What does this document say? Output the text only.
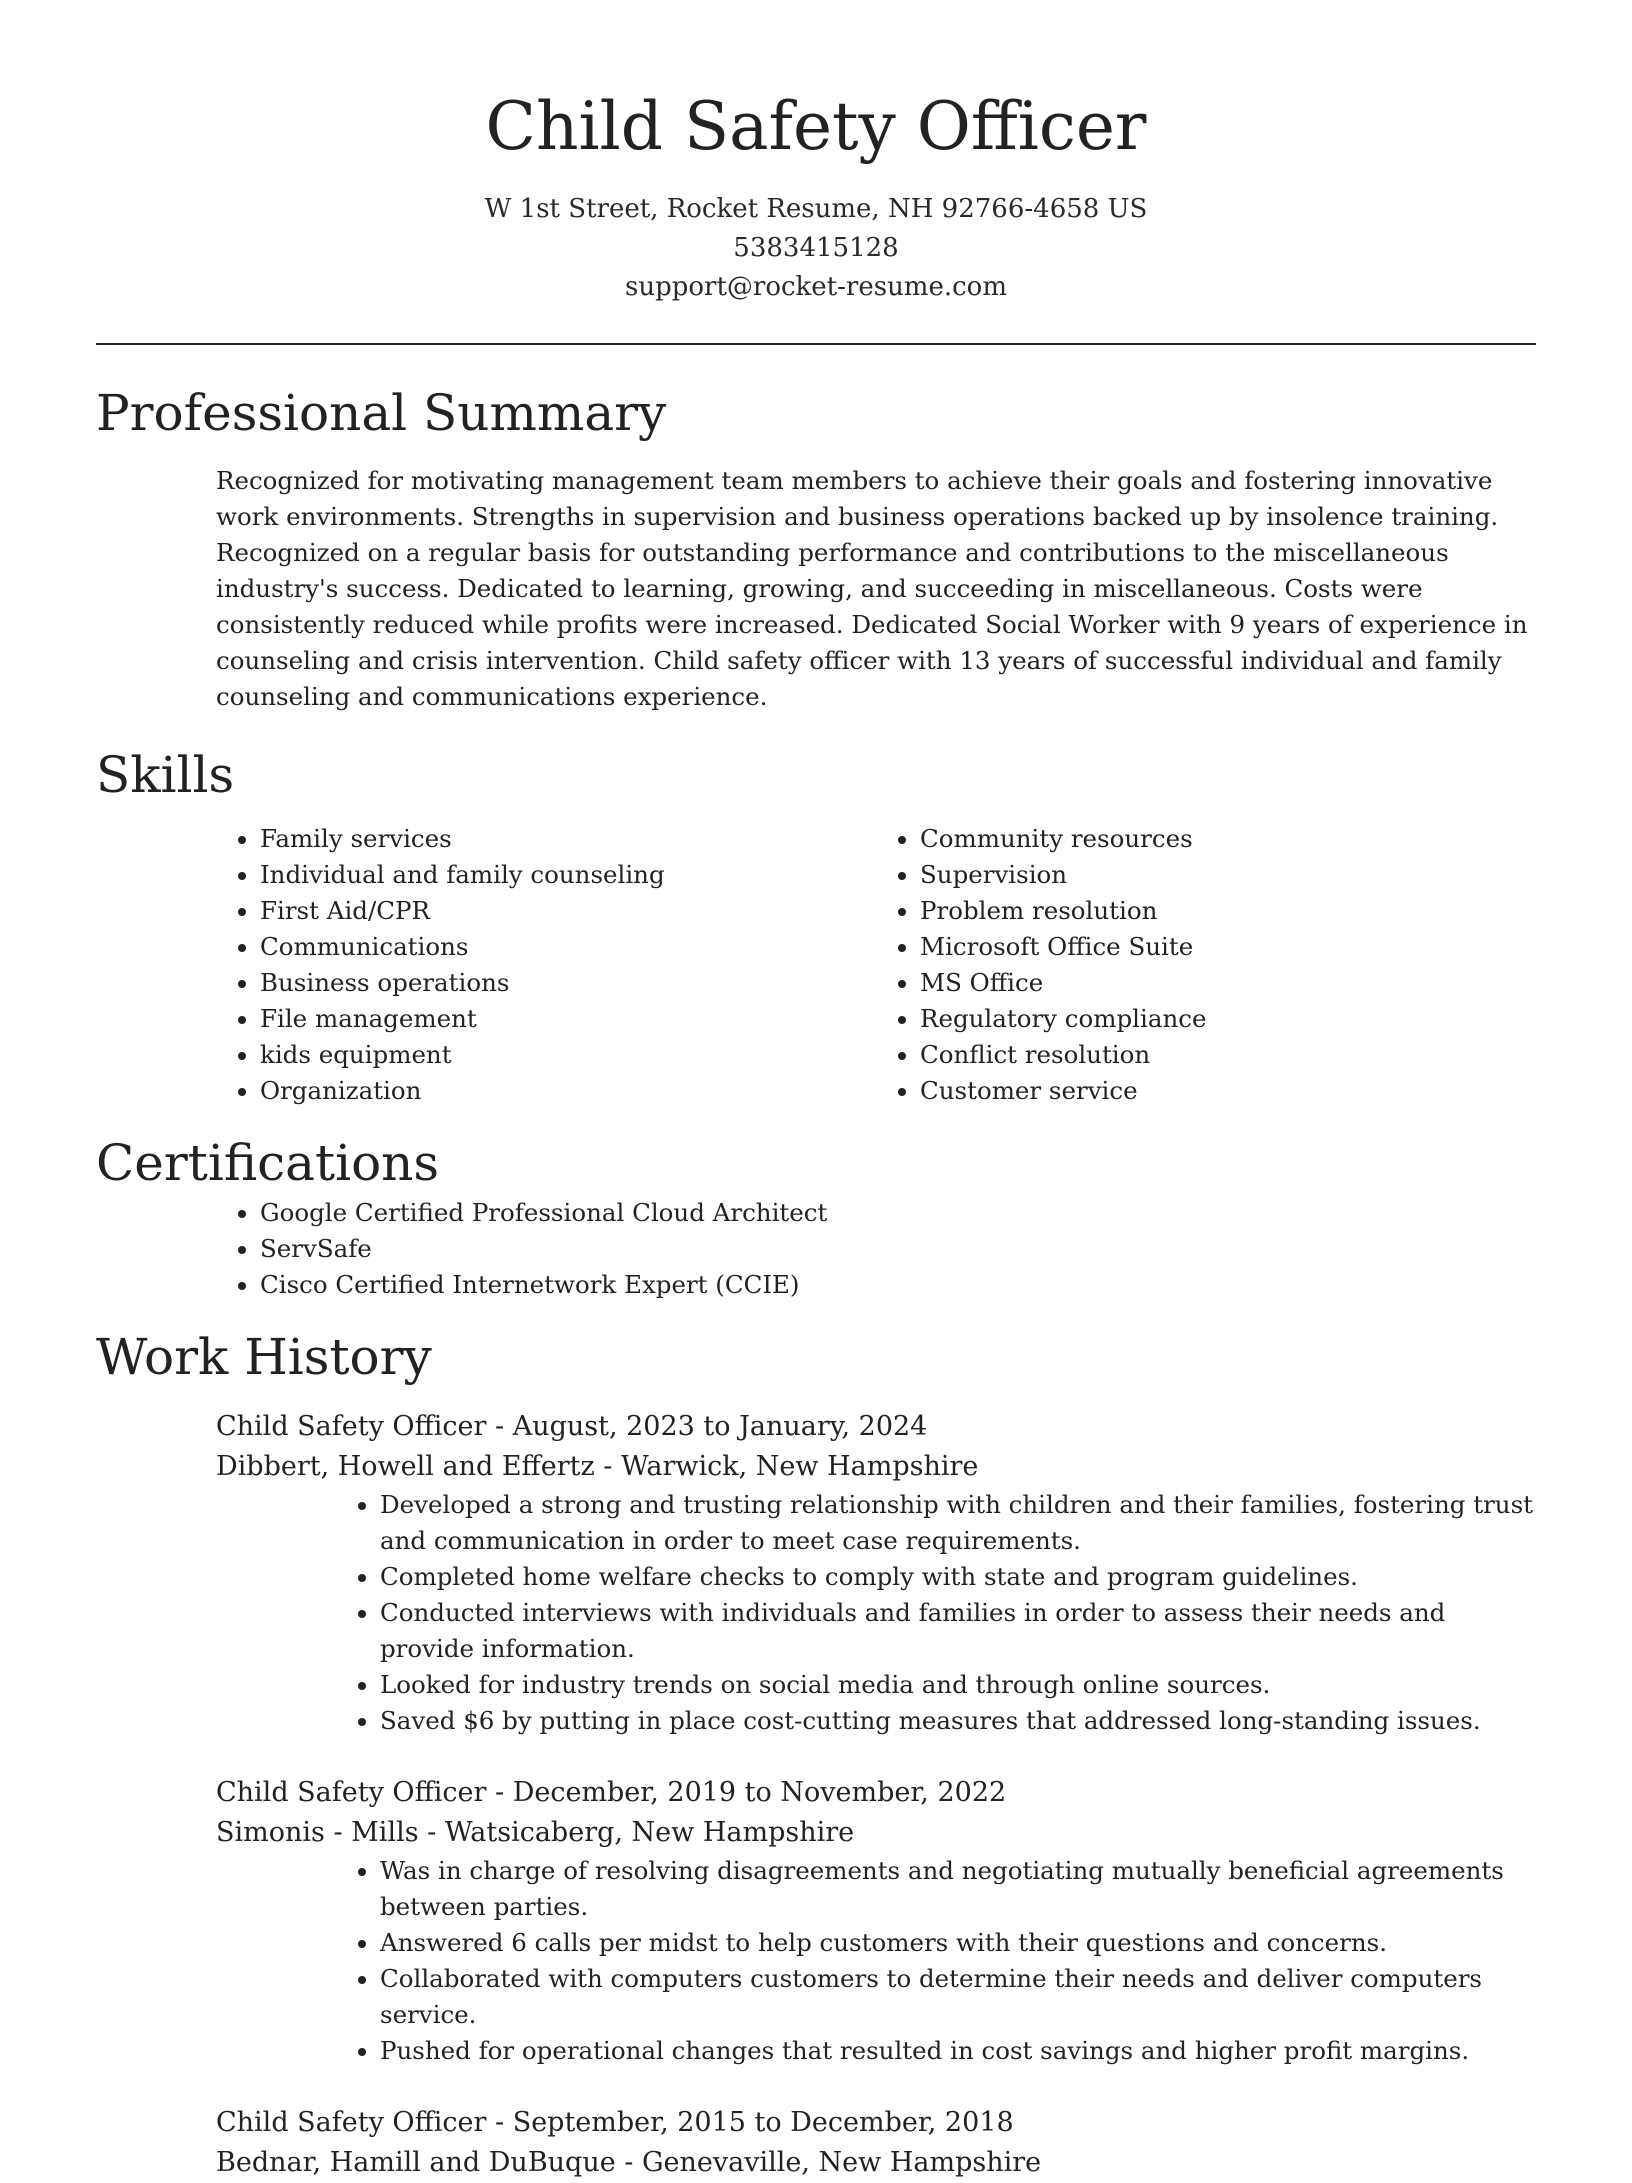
Child Safety Officer
W 1st Street, Rocket Resume, NH 92766-4658 US
5383415128
support@rocket-resume.com
Professional Summary

Recognized for motivating management team members to achieve their goals and fostering innovative work environments. Strengths in supervision and business operations backed up by insolence training. Recognized on a regular basis for outstanding performance and contributions to the miscellaneous industry's success. Dedicated to learning, growing, and succeeding in miscellaneous. Costs were consistently reduced while profits were increased. Dedicated Social Worker with 9 years of experience in counseling and crisis intervention. Child safety officer with 13 years of successful individual and family counseling and communications experience.

Skills
• Family services
• Individual and family counseling
• First Aid/CPR
• Communications
• Business operations
• File management
• kids equipment
• Organization
• Community resources
• Supervision
• Problem resolution
• Microsoft Office Suite
• MS Office
• Regulatory compliance
• Conflict resolution
• Customer service
Certifications
• Google Certified Professional Cloud Architect
• ServSafe
• Cisco Certified Internetwork Expert (CCIE)
Work History
Child Safety Officer - August, 2023 to January, 2024
Dibbert, Howell and Effertz - Warwick, New Hampshire
• Developed a strong and trusting relationship with children and their families, fostering trust and communication in order to meet case requirements.
• Completed home welfare checks to comply with state and program guidelines.
• Conducted interviews with individuals and families in order to assess their needs and provide information.
• Looked for industry trends on social media and through online sources.
• Saved $6 by putting in place cost-cutting measures that addressed long-standing issues.
Child Safety Officer - December, 2019 to November, 2022
Simonis - Mills - Watsicaberg, New Hampshire
• Was in charge of resolving disagreements and negotiating mutually beneficial agreements between parties.
• Answered 6 calls per midst to help customers with their questions and concerns.
• Collaborated with computers customers to determine their needs and deliver computers service.
• Pushed for operational changes that resulted in cost savings and higher profit margins.
Child Safety Officer - September, 2015 to December, 2018
Bednar, Hamill and DuBuque - Genevaville, New Hampshire
